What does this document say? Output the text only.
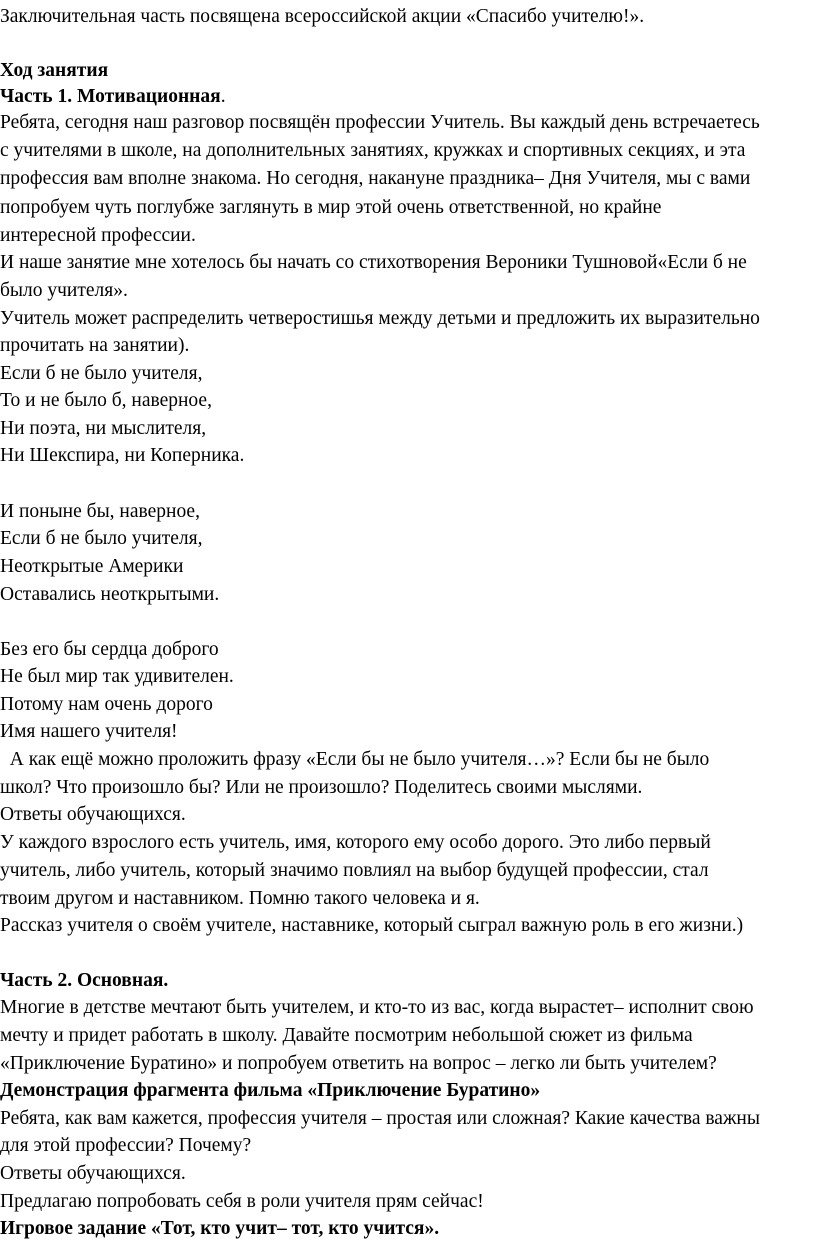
Заключительная часть посвящена всероссийской акции «Спасибо учителю!».
Ход занятия
Часть 1. Мотивационная.
Ребята, сегодня наш разговор посвящён профессии Учитель. Вы каждый день встречаетесь
с учителями в школе, на дополнительных занятиях, кружках и спортивных секциях, и эта
профессия вам вполне знакома. Но сегодня, накануне праздника– Дня Учителя, мы с вами
попробуем чуть поглубже заглянуть в мир этой очень ответственной, но крайне
интересной профессии.
И наше занятие мне хотелось бы начать со стихотворения Вероники Тушновой«Если б не
было учителя».
Учитель может распределить четверостишья между детьми и предложить их выразительно
прочитать на занятии).
Если б не было учителя,
То и не было б, наверное,
Ни поэта, ни мыслителя,
Ни Шекспира, ни Коперника.
И поныне бы, наверное,
Если б не было учителя,
Неоткрытые Америки
Оставались неоткрытыми.
Без его бы сердца доброго
Не был мир так удивителен.
Потому нам очень дорого
Имя нашего учителя!
А как ещё можно проложить фразу «Если бы не было учителя…»? Если бы не было
школ? Что произошло бы? Или не произошло? Поделитесь своими мыслями.
Ответы обучающихся.
У каждого взрослого есть учитель, имя, которого ему особо дорого. Это либо первый
учитель, либо учитель, который значимо повлиял на выбор будущей профессии, стал
твоим другом и наставником. Помню такого человека и я.
Рассказ учителя о своём учителе, наставнике, который сыграл важную роль в его жизни.)
Часть 2. Основная.
Многие в детстве мечтают быть учителем, и кто-то из вас, когда вырастет– исполнит свою
мечту и придет работать в школу. Давайте посмотрим небольшой сюжет из фильма
«Приключение Буратино» и попробуем ответить на вопрос – легко ли быть учителем?
Демонстрация фрагмента фильма «Приключение Буратино»
Ребята, как вам кажется, профессия учителя – простая или сложная? Какие качества важны
для этой профессии? Почему?
Ответы обучающихся.
Предлагаю попробовать себя в роли учителя прям сейчас!
Игровое задание «Тот, кто учит– тот, кто учится».
